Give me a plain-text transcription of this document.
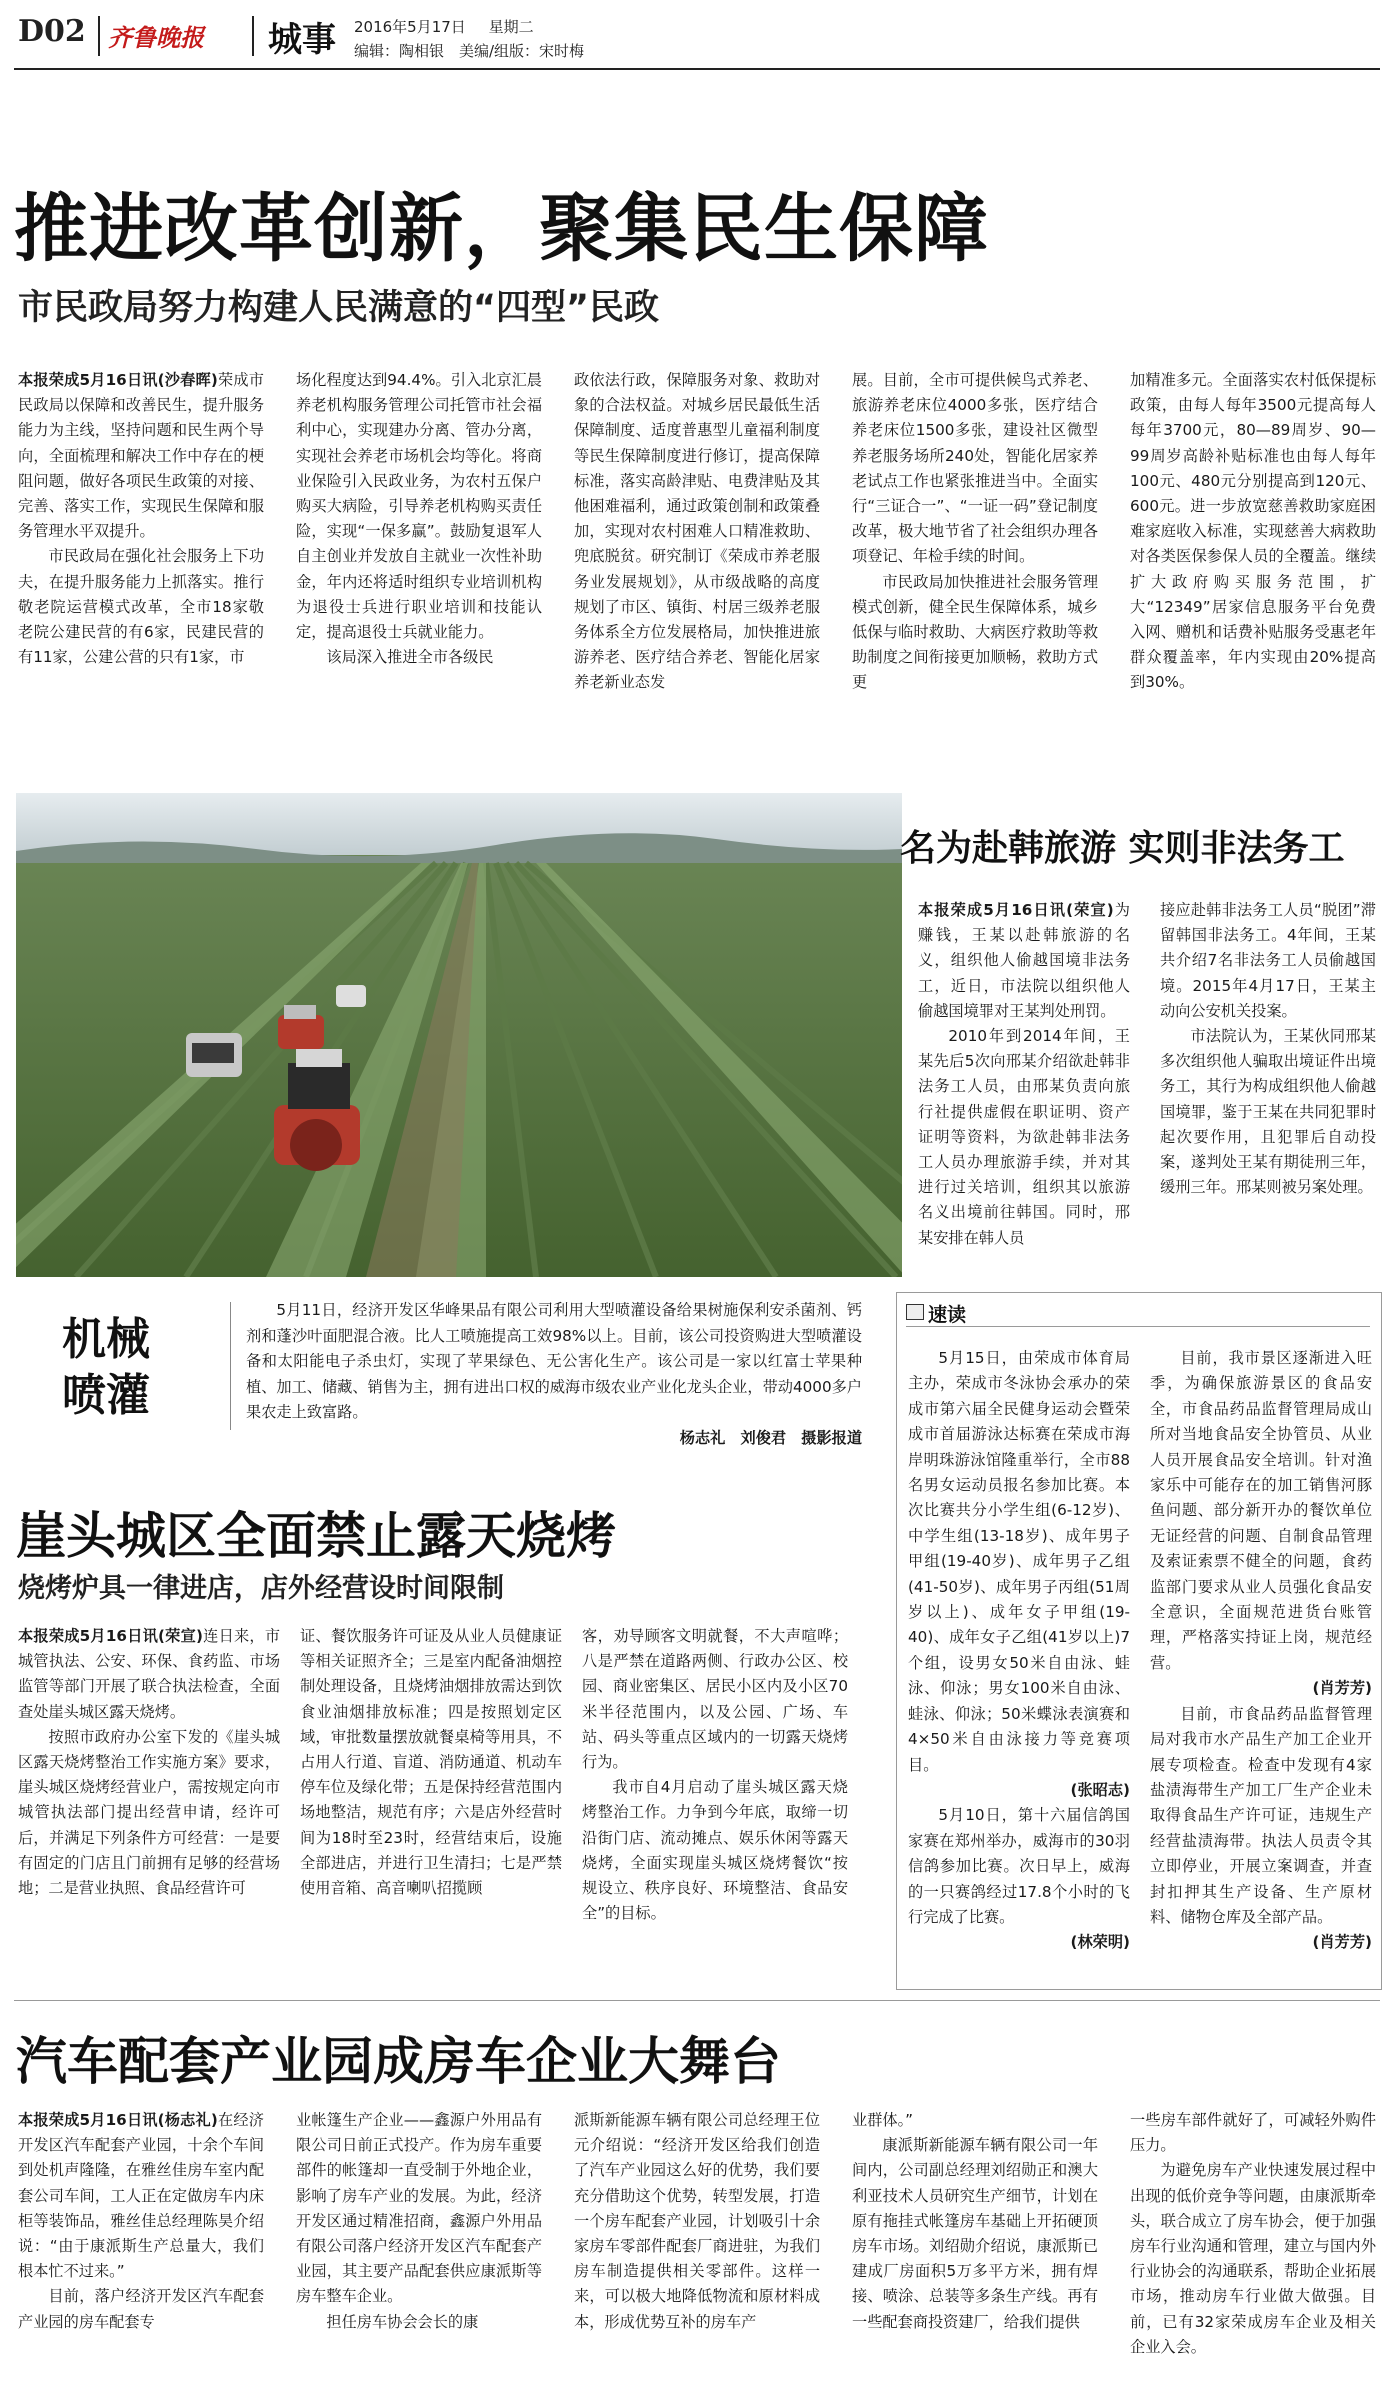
D02 齐鲁晚报 城事 2016年5月17日 星期二
编辑：陶相银　美编/组版：宋时梅
推进改革创新，聚集民生保障
市民政局努力构建人民满意的“四型”民政

本报荣成5月16日讯(沙春晖)荣成市民政局以保障和改善民生，提升服务能力为主线，坚持问题和民生两个导向，全面梳理和解决工作中存在的梗阻问题，做好各项民生政策的对接、完善、落实工作，实现民生保障和服务管理水平双提升。

市民政局在强化社会服务上下功夫，在提升服务能力上抓落实。推行敬老院运营模式改革，全市18家敬老院公建民营的有6家，民建民营的有11家，公建公营的只有1家，市

场化程度达到94.4%。引入北京汇晨养老机构服务管理公司托管市社会福利中心，实现建办分离、管办分离，实现社会养老市场机会均等化。将商业保险引入民政业务，为农村五保户购买大病险，引导养老机构购买责任险，实现“一保多赢”。鼓励复退军人自主创业并发放自主就业一次性补助金，年内还将适时组织专业培训机构为退役士兵进行职业培训和技能认定，提高退役士兵就业能力。

该局深入推进全市各级民

政依法行政，保障服务对象、救助对象的合法权益。对城乡居民最低生活保障制度、适度普惠型儿童福利制度等民生保障制度进行修订，提高保障标准，落实高龄津贴、电费津贴及其他困难福利，通过政策创制和政策叠加，实现对农村困难人口精准救助、兜底脱贫。研究制订《荣成市养老服务业发展规划》，从市级战略的高度规划了市区、镇街、村居三级养老服务体系全方位发展格局，加快推进旅游养老、医疗结合养老、智能化居家养老新业态发

展。目前，全市可提供候鸟式养老、旅游养老床位4000多张，医疗结合养老床位1500多张，建设社区微型养老服务场所240处，智能化居家养老试点工作也紧张推进当中。全面实行“三证合一”、“一证一码”登记制度改革，极大地节省了社会组织办理各项登记、年检手续的时间。

市民政局加快推进社会服务管理模式创新，健全民生保障体系，城乡低保与临时救助、大病医疗救助等救助制度之间衔接更加顺畅，救助方式更

加精准多元。全面落实农村低保提标政策，由每人每年3500元提高每人每年3700元，80—89周岁、90—99周岁高龄补贴标准也由每人每年100元、480元分别提高到120元、600元。进一步放宽慈善救助家庭困难家庭收入标准，实现慈善大病救助对各类医保参保人员的全覆盖。继续扩大政府购买服务范围，扩大“12349”居家信息服务平台免费入网、赠机和话费补贴服务受惠老年群众覆盖率，年内实现由20%提高到30%。

机械
喷灌

5月11日，经济开发区华峰果品有限公司利用大型喷灌设备给果树施保利安杀菌剂、钙剂和蓬沙叶面肥混合液。比人工喷施提高工效98%以上。目前，该公司投资购进大型喷灌设备和太阳能电子杀虫灯，实现了苹果绿色、无公害化生产。该公司是一家以红富士苹果种植、加工、储藏、销售为主，拥有进出口权的威海市级农业产业化龙头企业，带动4000多户果农走上致富路。

杨志礼　刘俊君　摄影报道
名为赴韩旅游 实则非法务工

本报荣成5月16日讯(荣宣)为赚钱，王某以赴韩旅游的名义，组织他人偷越国境非法务工，近日，市法院以组织他人偷越国境罪对王某判处刑罚。

2010年到2014年间，王某先后5次向邢某介绍欲赴韩非法务工人员，由邢某负责向旅行社提供虚假在职证明、资产证明等资料，为欲赴韩非法务工人员办理旅游手续，并对其进行过关培训，组织其以旅游名义出境前往韩国。同时，邢某安排在韩人员

接应赴韩非法务工人员“脱团”滞留韩国非法务工。4年间，王某共介绍7名非法务工人员偷越国境。2015年4月17日，王某主动向公安机关投案。

市法院认为，王某伙同邢某多次组织他人骗取出境证件出境务工，其行为构成组织他人偷越国境罪，鉴于王某在共同犯罪时起次要作用，且犯罪后自动投案，遂判处王某有期徒刑三年，缓刑三年。邢某则被另案处理。

速读

5月15日，由荣成市体育局主办，荣成市冬泳协会承办的荣成市第六届全民健身运动会暨荣成市首届游泳达标赛在荣成市海岸明珠游泳馆隆重举行，全市88名男女运动员报名参加比赛。本次比赛共分小学生组(6-12岁)、中学生组(13-18岁)、成年男子甲组(19-40岁)、成年男子乙组(41-50岁)、成年男子丙组(51周岁以上)、成年女子甲组(19-40)、成年女子乙组(41岁以上)7个组，设男女50米自由泳、蛙泳、仰泳；男女100米自由泳、蛙泳、仰泳；50米蝶泳表演赛和4×50米自由泳接力等竞赛项目。

(张昭志)

5月10日，第十六届信鸽国家赛在郑州举办，威海市的30羽信鸽参加比赛。次日早上，威海的一只赛鸽经过17.8个小时的飞行完成了比赛。

(林荣明)

目前，我市景区逐渐进入旺季，为确保旅游景区的食品安全，市食品药品监督管理局成山所对当地食品安全协管员、从业人员开展食品安全培训。针对渔家乐中可能存在的加工销售河豚鱼问题、部分新开办的餐饮单位无证经营的问题、自制食品管理及索证索票不健全的问题，食药监部门要求从业人员强化食品安全意识，全面规范进货台账管理，严格落实持证上岗，规范经营。

(肖芳芳)

目前，市食品药品监督管理局对我市水产品生产加工企业开展专项检查。检查中发现有4家盐渍海带生产加工厂生产企业未取得食品生产许可证，违规生产经营盐渍海带。执法人员责令其立即停业，开展立案调查，并查封扣押其生产设备、生产原材料、储物仓库及全部产品。

(肖芳芳)
崖头城区全面禁止露天烧烤
烧烤炉具一律进店，店外经营设时间限制

本报荣成5月16日讯(荣宣)连日来，市城管执法、公安、环保、食药监、市场监管等部门开展了联合执法检查，全面查处崖头城区露天烧烤。

按照市政府办公室下发的《崖头城区露天烧烤整治工作实施方案》要求，崖头城区烧烤经营业户，需按规定向市城管执法部门提出经营申请，经许可后，并满足下列条件方可经营：一是要有固定的门店且门前拥有足够的经营场地；二是营业执照、食品经营许可

证、餐饮服务许可证及从业人员健康证等相关证照齐全；三是室内配备油烟控制处理设备，且烧烤油烟排放需达到饮食业油烟排放标准；四是按照划定区域，审批数量摆放就餐桌椅等用具，不占用人行道、盲道、消防通道、机动车停车位及绿化带；五是保持经营范围内场地整洁，规范有序；六是店外经营时间为18时至23时，经营结束后，设施全部进店，并进行卫生清扫；七是严禁使用音箱、高音喇叭招揽顾

客，劝导顾客文明就餐，不大声喧哗；八是严禁在道路两侧、行政办公区、校园、商业密集区、居民小区内及小区70米半径范围内，以及公园、广场、车站、码头等重点区域内的一切露天烧烤行为。

我市自4月启动了崖头城区露天烧烤整治工作。力争到今年底，取缔一切沿街门店、流动摊点、娱乐休闲等露天烧烤，全面实现崖头城区烧烤餐饮“按规设立、秩序良好、环境整洁、食品安全”的目标。

汽车配套产业园成房车企业大舞台

本报荣成5月16日讯(杨志礼)在经济开发区汽车配套产业园，十余个车间到处机声隆隆，在雅丝佳房车室内配套公司车间，工人正在定做房车内床柜等装饰品，雅丝佳总经理陈昊介绍说：“由于康派斯生产总量大，我们根本忙不过来。”

目前，落户经济开发区汽车配套产业园的房车配套专

业帐篷生产企业——鑫源户外用品有限公司日前正式投产。作为房车重要部件的帐篷却一直受制于外地企业，影响了房车产业的发展。为此，经济开发区通过精准招商，鑫源户外用品有限公司落户经济开发区汽车配套产业园，其主要产品配套供应康派斯等房车整车企业。

担任房车协会会长的康

派斯新能源车辆有限公司总经理王位元介绍说：“经济开发区给我们创造了汽车产业园这么好的优势，我们要充分借助这个优势，转型发展，打造一个房车配套产业园，计划吸引十余家房车零部件配套厂商进驻，为我们房车制造提供相关零部件。这样一来，可以极大地降低物流和原材料成本，形成优势互补的房车产

业群体。”

康派斯新能源车辆有限公司一年间内，公司副总经理刘绍勋正和澳大利亚技术人员研究生产细节，计划在原有拖挂式帐篷房车基础上开拓硬顶房车市场。刘绍勋介绍说，康派斯已建成厂房面积5万多平方米，拥有焊接、喷涂、总装等多条生产线。再有一些配套商投资建厂，给我们提供

一些房车部件就好了，可减轻外购件压力。

为避免房车产业快速发展过程中出现的低价竞争等问题，由康派斯牵头，联合成立了房车协会，便于加强房车行业沟通和管理，建立与国内外行业协会的沟通联系，帮助企业拓展市场，推动房车行业做大做强。目前，已有32家荣成房车企业及相关企业入会。
